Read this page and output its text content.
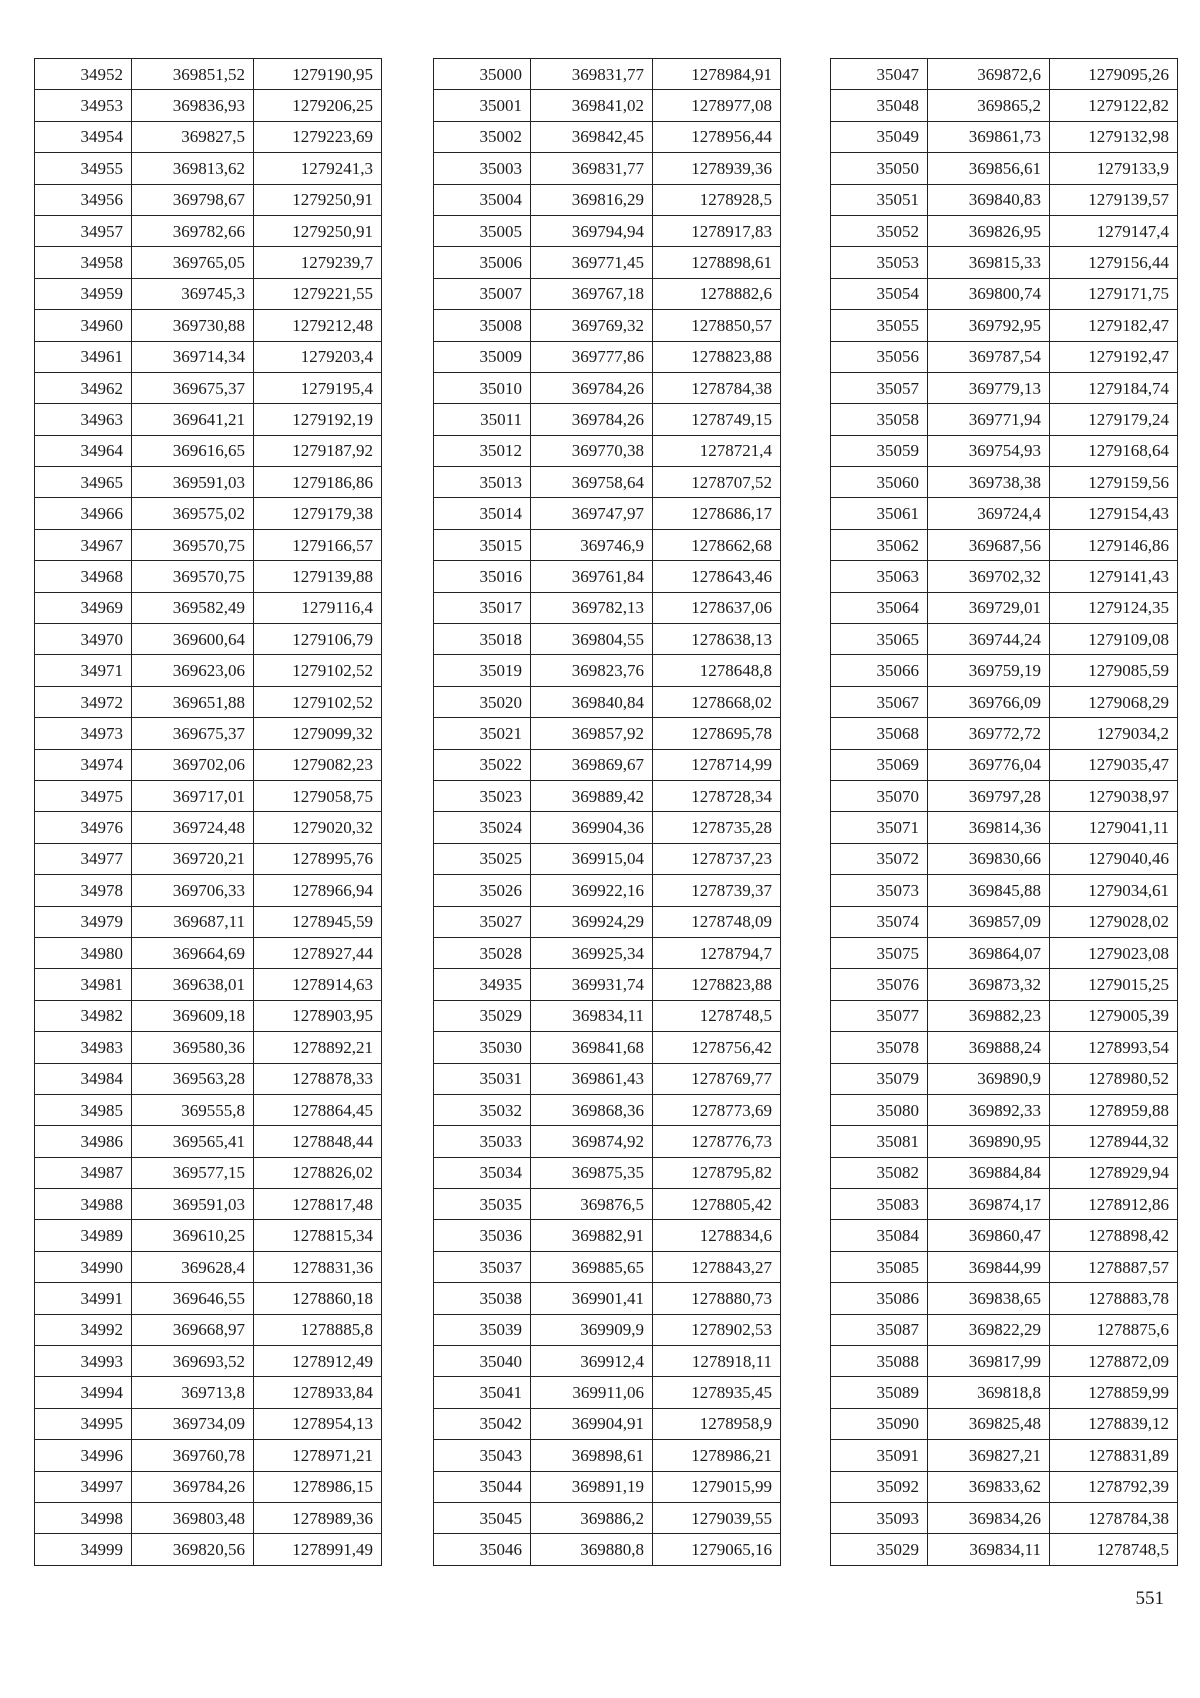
34952	369851,52	1279190,95
34953	369836,93	1279206,25
34954	369827,5	1279223,69
34955	369813,62	1279241,3
34956	369798,67	1279250,91
34957	369782,66	1279250,91
34958	369765,05	1279239,7
34959	369745,3	1279221,55
34960	369730,88	1279212,48
34961	369714,34	1279203,4
34962	369675,37	1279195,4
34963	369641,21	1279192,19
34964	369616,65	1279187,92
34965	369591,03	1279186,86
34966	369575,02	1279179,38
34967	369570,75	1279166,57
34968	369570,75	1279139,88
34969	369582,49	1279116,4
34970	369600,64	1279106,79
34971	369623,06	1279102,52
34972	369651,88	1279102,52
34973	369675,37	1279099,32
34974	369702,06	1279082,23
34975	369717,01	1279058,75
34976	369724,48	1279020,32
34977	369720,21	1278995,76
34978	369706,33	1278966,94
34979	369687,11	1278945,59
34980	369664,69	1278927,44
34981	369638,01	1278914,63
34982	369609,18	1278903,95
34983	369580,36	1278892,21
34984	369563,28	1278878,33
34985	369555,8	1278864,45
34986	369565,41	1278848,44
34987	369577,15	1278826,02
34988	369591,03	1278817,48
34989	369610,25	1278815,34
34990	369628,4	1278831,36
34991	369646,55	1278860,18
34992	369668,97	1278885,8
34993	369693,52	1278912,49
34994	369713,8	1278933,84
34995	369734,09	1278954,13
34996	369760,78	1278971,21
34997	369784,26	1278986,15
34998	369803,48	1278989,36
34999	369820,56	1278991,49
35000	369831,77	1278984,91
35001	369841,02	1278977,08
35002	369842,45	1278956,44
35003	369831,77	1278939,36
35004	369816,29	1278928,5
35005	369794,94	1278917,83
35006	369771,45	1278898,61
35007	369767,18	1278882,6
35008	369769,32	1278850,57
35009	369777,86	1278823,88
35010	369784,26	1278784,38
35011	369784,26	1278749,15
35012	369770,38	1278721,4
35013	369758,64	1278707,52
35014	369747,97	1278686,17
35015	369746,9	1278662,68
35016	369761,84	1278643,46
35017	369782,13	1278637,06
35018	369804,55	1278638,13
35019	369823,76	1278648,8
35020	369840,84	1278668,02
35021	369857,92	1278695,78
35022	369869,67	1278714,99
35023	369889,42	1278728,34
35024	369904,36	1278735,28
35025	369915,04	1278737,23
35026	369922,16	1278739,37
35027	369924,29	1278748,09
35028	369925,34	1278794,7
34935	369931,74	1278823,88
35029	369834,11	1278748,5
35030	369841,68	1278756,42
35031	369861,43	1278769,77
35032	369868,36	1278773,69
35033	369874,92	1278776,73
35034	369875,35	1278795,82
35035	369876,5	1278805,42
35036	369882,91	1278834,6
35037	369885,65	1278843,27
35038	369901,41	1278880,73
35039	369909,9	1278902,53
35040	369912,4	1278918,11
35041	369911,06	1278935,45
35042	369904,91	1278958,9
35043	369898,61	1278986,21
35044	369891,19	1279015,99
35045	369886,2	1279039,55
35046	369880,8	1279065,16
35047	369872,6	1279095,26
35048	369865,2	1279122,82
35049	369861,73	1279132,98
35050	369856,61	1279133,9
35051	369840,83	1279139,57
35052	369826,95	1279147,4
35053	369815,33	1279156,44
35054	369800,74	1279171,75
35055	369792,95	1279182,47
35056	369787,54	1279192,47
35057	369779,13	1279184,74
35058	369771,94	1279179,24
35059	369754,93	1279168,64
35060	369738,38	1279159,56
35061	369724,4	1279154,43
35062	369687,56	1279146,86
35063	369702,32	1279141,43
35064	369729,01	1279124,35
35065	369744,24	1279109,08
35066	369759,19	1279085,59
35067	369766,09	1279068,29
35068	369772,72	1279034,2
35069	369776,04	1279035,47
35070	369797,28	1279038,97
35071	369814,36	1279041,11
35072	369830,66	1279040,46
35073	369845,88	1279034,61
35074	369857,09	1279028,02
35075	369864,07	1279023,08
35076	369873,32	1279015,25
35077	369882,23	1279005,39
35078	369888,24	1278993,54
35079	369890,9	1278980,52
35080	369892,33	1278959,88
35081	369890,95	1278944,32
35082	369884,84	1278929,94
35083	369874,17	1278912,86
35084	369860,47	1278898,42
35085	369844,99	1278887,57
35086	369838,65	1278883,78
35087	369822,29	1278875,6
35088	369817,99	1278872,09
35089	369818,8	1278859,99
35090	369825,48	1278839,12
35091	369827,21	1278831,89
35092	369833,62	1278792,39
35093	369834,26	1278784,38
35029	369834,11	1278748,5
551
